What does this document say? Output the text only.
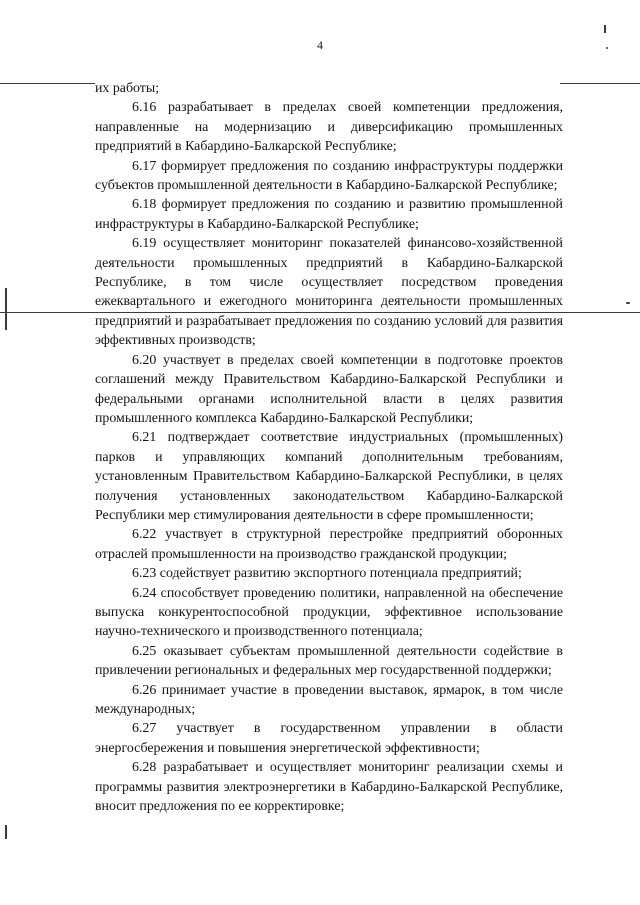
4

их работы;

6.16 разрабатывает в пределах своей компетенции предложения, направленные на модернизацию и диверсификацию промышленных предприятий в Кабардино-Балкарской Республике;

6.17 формирует предложения по созданию инфраструктуры поддержки субъектов промышленной деятельности в Кабардино-Балкарской Республике;

6.18 формирует предложения по созданию и развитию промышленной инфраструктуры в Кабардино-Балкарской Республике;

6.19 осуществляет мониторинг показателей финансово-хозяйственной деятельности промышленных предприятий в Кабардино-Балкарской Республике, в том числе осуществляет посредством проведения ежеквартального и ежегодного мониторинга деятельности промышленных предприятий и разрабатывает предложения по созданию условий для развития эффективных производств;

6.20 участвует в пределах своей компетенции в подготовке проектов соглашений между Правительством Кабардино-Балкарской Республики и федеральными органами исполнительной власти в целях развития промышленного комплекса Кабардино-Балкарской Республики;

6.21 подтверждает соответствие индустриальных (промышленных) парков и управляющих компаний дополнительным требованиям, установленным Правительством Кабардино-Балкарской Республики, в целях получения установленных законодательством Кабардино-Балкарской Республики мер стимулирования деятельности в сфере промышленности;

6.22 участвует в структурной перестройке предприятий оборонных отраслей промышленности на производство гражданской продукции;

6.23 содействует развитию экспортного потенциала предприятий;

6.24 способствует проведению политики, направленной на обеспечение выпуска конкурентоспособной продукции, эффективное использование научно-технического и производственного потенциала;

6.25 оказывает субъектам промышленной деятельности содействие в привлечении региональных и федеральных мер государственной поддержки;

6.26 принимает участие в проведении выставок, ярмарок, в том числе международных;

6.27 участвует в государственном управлении в области энергосбережения и повышения энергетической эффективности;

6.28 разрабатывает и осуществляет мониторинг реализации схемы и программы развития электроэнергетики в Кабардино-Балкарской Республике, вносит предложения по ее корректировке;
